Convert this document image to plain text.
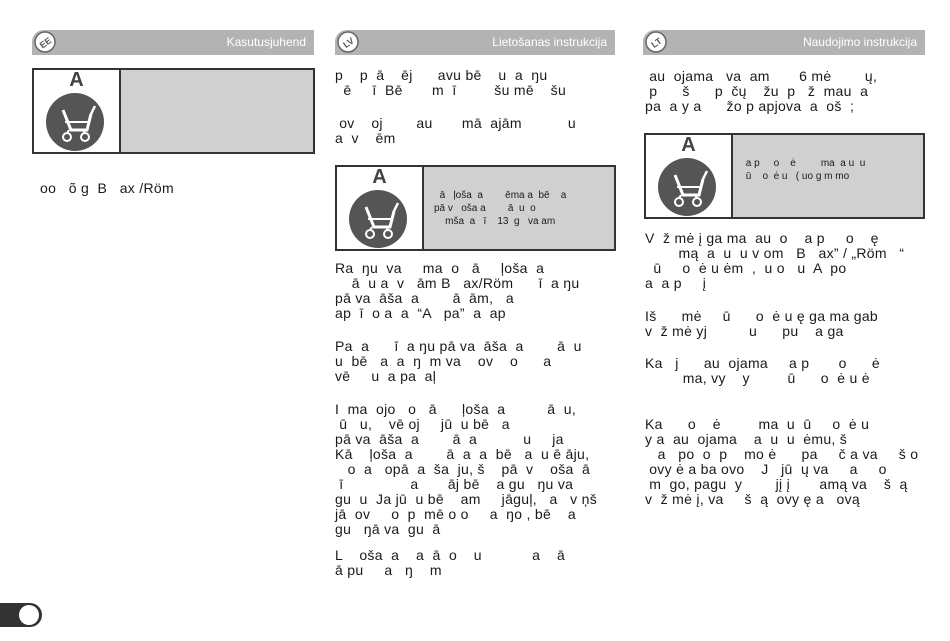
EE	Kasutusjuhend
A
oo   õ g  B   ax /Röm
LV	Lietošanas instrukcija
p    p  ā    ēj      avu bē    u  a  ŋu
ē     ī  Bē       m  ī         šu mē    šu
ov    oj        au       mā  ajām           u
a  v    ēm
A
ā   ļoša  a        ēma a  bē    a
pā v   oša a        ā  u  o
mša  a   ī    13  g   va am
Ra  ŋu  va     ma  o   ā     ļoša  a
ā  u a  v   ām B   ax/Röm      ī  a ŋu
pā va  āša  a        ā  ām,   a
ap  ī  o a  a  “A   pa”  a  ap
Pa  a      ī  a ŋu pā va  āša  a        ā  u
u  bē   a  a  ŋ  m va    ov    o      a
vē     u  a pa  aļ
I  ma  ojo   o   ā      ļoša  a          ā  u,
ū   u,    vē oj     jū  u bē   a
pā va  āša  a        ā  a           u     ja
Kā    ļoša  a        ā  a  a  bē   a  u ē āju,
o  a   opā  a  ša  ju, š    pā  v    oša  ā
ī                a       āj bē    a gu   ŋu va
gu  u  Ja jū  u bē    am     jāguļ,   a   v ņš
jā  ov     o  p  mē o o     a  ŋo , bē    a
gu   ŋā va  gu  ā
L    oša  a    a  ā  o    u            a    ā
ā pu     a   ŋ    m
LT	Naudojimo instrukcija
au  ojama   va  am       6 mė        ų,
p      š      p  čų    žu  p   ž  mau  a
pa  a y a      žo p apjova  a  oš  ;
A
a p     o    ė         ma  a u  u
ū    o  ė u   ( uo g m mo
V  ž mė į ga ma  au  o    a p     o    ę
mą  a  u  u v om   B   ax” / „Röm   “
ū     o  ė u ėm  ,  u o   u  A  po
a  a p     į
Iš      mė     ū      o  ė u ę ga ma gab
v  ž mė yj          u      pu    a ga
Ka   j      au  ojama     a p       o      ė
ma, vy    y         ū      o  ė u ė
Ka      o    ė         ma  u  ū     o  ė u
y a  au  ojama    a  u  u  ėmu, š
a   po  o  p    mo ė      pa     č a va     š o
ovy ė a ba ovo    J   jū  ų va     a     o
m  go, pagu  y        jį į       amą va    š  ą
v  ž mė į, va     š  ą  ovy ę a   ovą
